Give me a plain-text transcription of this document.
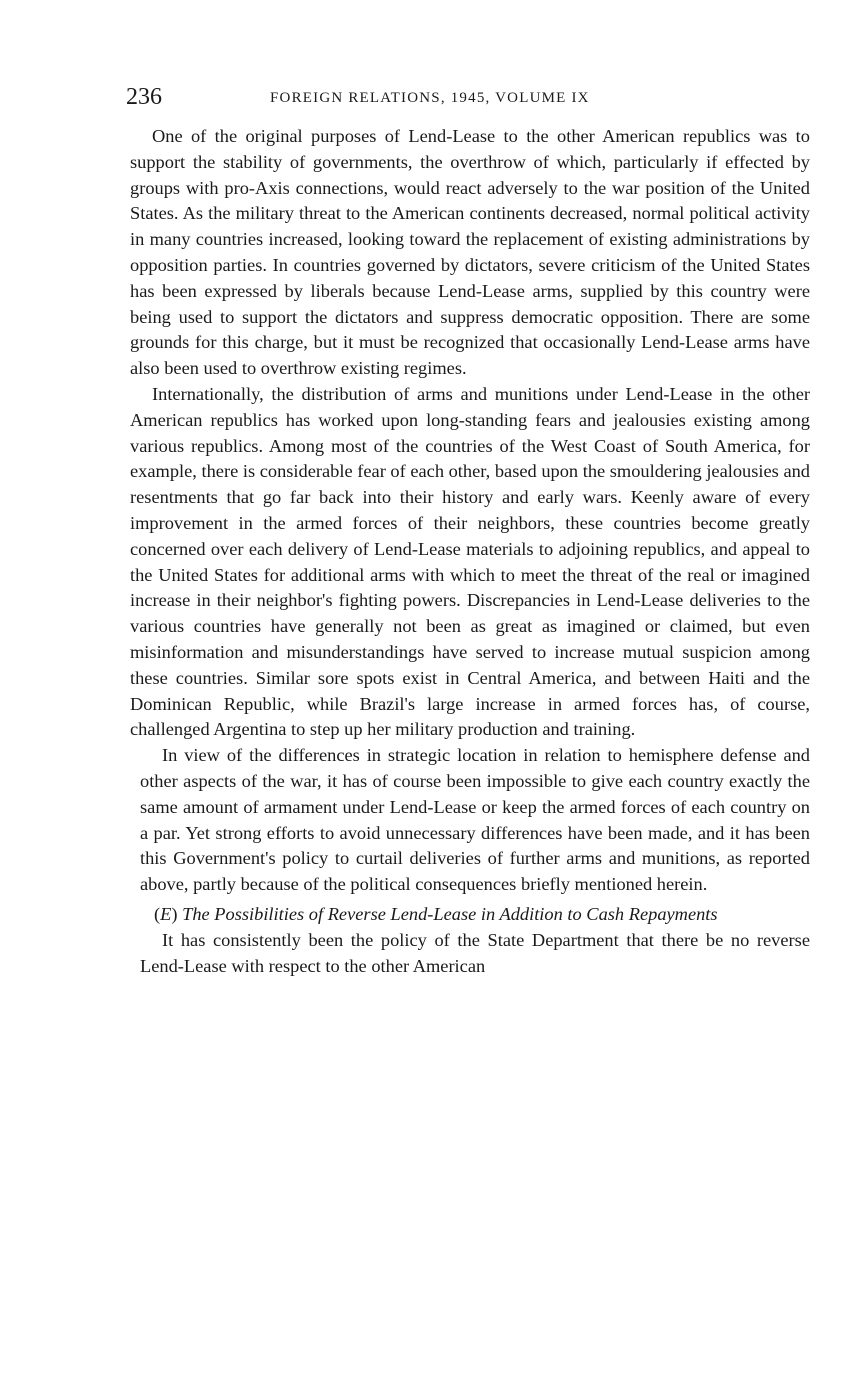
236	FOREIGN RELATIONS, 1945, VOLUME IX

One of the original purposes of Lend-Lease to the other American republics was to support the stability of governments, the overthrow of which, particularly if effected by groups with pro-Axis connections, would react adversely to the war position of the United States. As the military threat to the American continents decreased, normal political activity in many countries increased, looking toward the replacement of existing administrations by opposition parties. In countries governed by dictators, severe criticism of the United States has been expressed by liberals because Lend-Lease arms, supplied by this country were being used to support the dictators and suppress democratic opposition. There are some grounds for this charge, but it must be recognized that occasionally Lend-Lease arms have also been used to overthrow existing regimes.

Internationally, the distribution of arms and munitions under Lend-Lease in the other American republics has worked upon long-standing fears and jealousies existing among various republics. Among most of the countries of the West Coast of South America, for example, there is considerable fear of each other, based upon the smouldering jealousies and resentments that go far back into their history and early wars. Keenly aware of every improvement in the armed forces of their neighbors, these countries become greatly concerned over each delivery of Lend-Lease materials to adjoining republics, and appeal to the United States for additional arms with which to meet the threat of the real or imagined increase in their neighbor's fighting powers. Discrepancies in Lend-Lease deliveries to the various countries have generally not been as great as imagined or claimed, but even misinformation and misunderstandings have served to increase mutual suspicion among these countries. Similar sore spots exist in Central America, and between Haiti and the Dominican Republic, while Brazil's large increase in armed forces has, of course, challenged Argentina to step up her military production and training.

In view of the differences in strategic location in relation to hemisphere defense and other aspects of the war, it has of course been impossible to give each country exactly the same amount of armament under Lend-Lease or keep the armed forces of each country on a par. Yet strong efforts to avoid unnecessary differences have been made, and it has been this Government's policy to curtail deliveries of further arms and munitions, as reported above, partly because of the political consequences briefly mentioned herein.

(E) The Possibilities of Reverse Lend-Lease in Addition to Cash Repayments

It has consistently been the policy of the State Department that there be no reverse Lend-Lease with respect to the other American
